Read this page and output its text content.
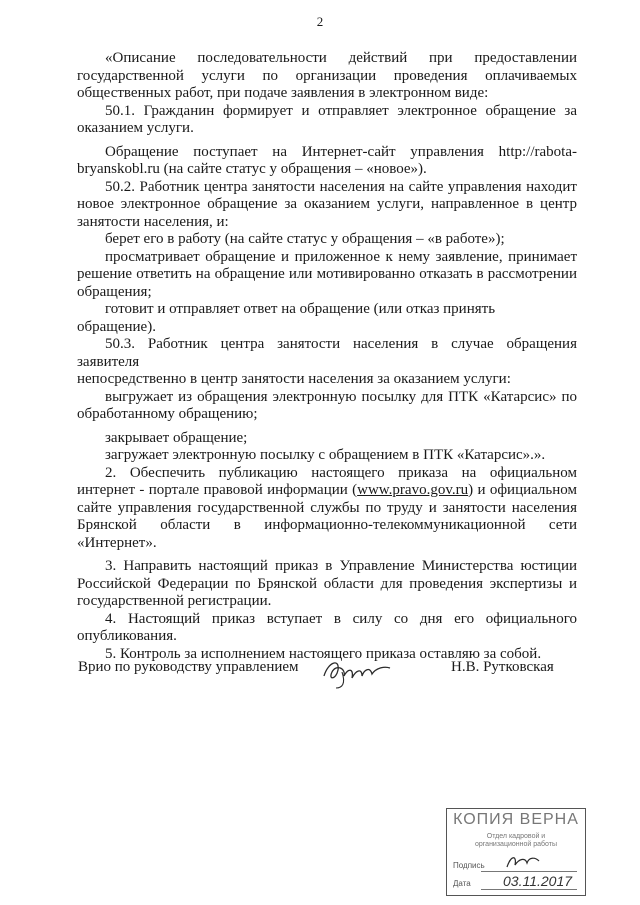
2

«Описание последовательности действий при предоставлении

государственной услуги по организации проведения оплачиваемых

общественных работ, при подаче заявления в электронном виде:

50.1. Гражданин формирует и отправляет электронное обращение за

оказанием услуги.

Обращение поступает на Интернет-сайт управления http://rabota-

bryanskobl.ru (на сайте статус у обращения – «новое»).

50.2. Работник центра занятости населения на сайте управления находит

новое электронное обращение за оказанием услуги, направленное в центр

занятости населения, и:

берет его в работу (на сайте статус у обращения – «в работе»);

просматривает обращение и приложенное к нему заявление, принимает

решение ответить на обращение или мотивированно отказать в рассмотрении

обращения;

готовит и отправляет ответ на обращение (или отказ принять обращение).

50.3. Работник центра занятости населения в случае обращения заявителя

непосредственно в центр занятости населения за оказанием услуги:

выгружает из обращения электронную посылку для ПТК «Катарсис» по

обработанному обращению;

закрывает обращение;

загружает электронную посылку с обращением в ПТК «Катарсис».».

2. Обеспечить публикацию настоящего приказа на официальном

интернет - портале правовой информации (www.pravo.gov.ru) и официальном

сайте управления государственной службы по труду и занятости населения

Брянской области в информационно-телекоммуникационной сети

«Интернет».

3. Направить настоящий приказ в Управление Министерства юстиции

Российской Федерации по Брянской области для проведения экспертизы и

государственной регистрации.

4. Настоящий приказ вступает в силу со дня его официального

опубликования.

5. Контроль за исполнением настоящего приказа оставляю за собой.

Врио по руководству управлением	Н.В. Рутковская
КОПИЯ ВЕРНА
Отдел кадровой и
организационной работы
Подпись
Дата 03.11.2017
